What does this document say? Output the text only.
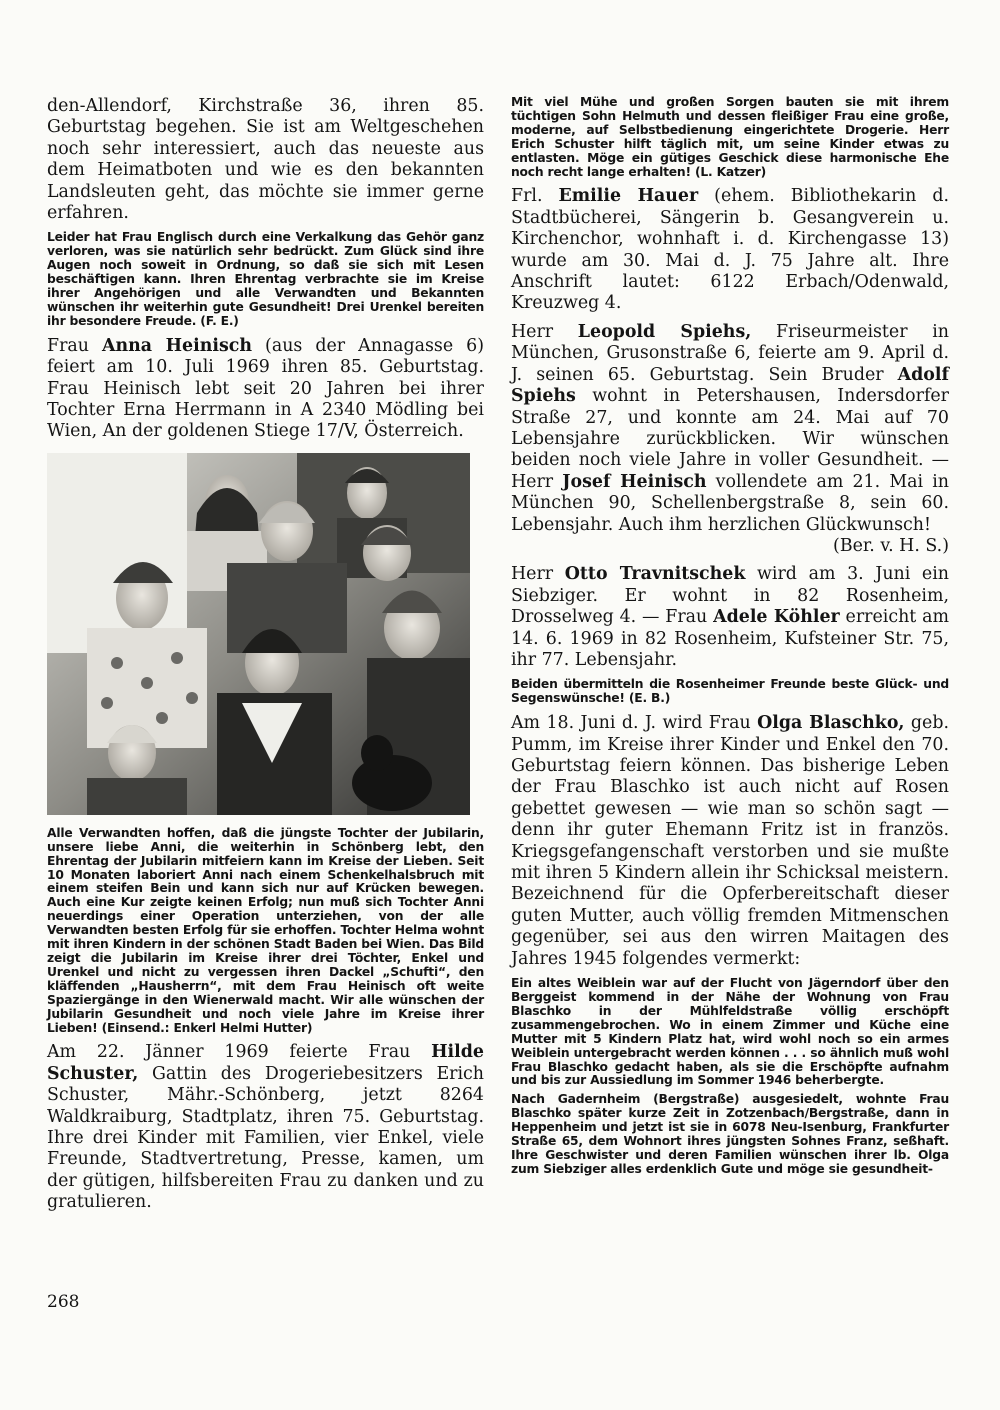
den-Allendorf, Kirchstraße 36, ihren 85. Geburtstag begehen. Sie ist am Weltgeschehen noch sehr interessiert, auch das neueste aus dem Heimatboten und wie es den bekannten Landsleuten geht, das möchte sie immer gerne erfahren.

Leider hat Frau Englisch durch eine Verkalkung das Gehör ganz verloren, was sie natürlich sehr bedrückt. Zum Glück sind ihre Augen noch soweit in Ordnung, so daß sie sich mit Lesen beschäftigen kann. Ihren Ehrentag verbrachte sie im Kreise ihrer Angehörigen und alle Verwandten und Bekannten wünschen ihr weiterhin gute Gesundheit! Drei Urenkel bereiten ihr besondere Freude. (F. E.)

Frau Anna Heinisch (aus der Annagasse 6) feiert am 10. Juli 1969 ihren 85. Geburtstag. Frau Heinisch lebt seit 20 Jahren bei ihrer Tochter Erna Herrmann in A 2340 Mödling bei Wien, An der goldenen Stiege 17/V, Österreich.

Alle Verwandten hoffen, daß die jüngste Tochter der Jubilarin, unsere liebe Anni, die weiterhin in Schönberg lebt, den Ehrentag der Jubilarin mitfeiern kann im Kreise der Lieben. Seit 10 Monaten laboriert Anni nach einem Schenkelhalsbruch mit einem steifen Bein und kann sich nur auf Krücken bewegen. Auch eine Kur zeigte keinen Erfolg; nun muß sich Tochter Anni neuerdings einer Operation unterziehen, von der alle Verwandten besten Erfolg für sie erhoffen. Tochter Helma wohnt mit ihren Kindern in der schönen Stadt Baden bei Wien. Das Bild zeigt die Jubilarin im Kreise ihrer drei Töchter, Enkel und Urenkel und nicht zu vergessen ihren Dackel „Schufti“, den kläffenden „Hausherrn“, mit dem Frau Heinisch oft weite Spaziergänge in den Wienerwald macht. Wir alle wünschen der Jubilarin Gesundheit und noch viele Jahre im Kreise ihrer Lieben! (Einsend.: Enkerl Helmi Hutter)

Am 22. Jänner 1969 feierte Frau Hilde Schuster, Gattin des Drogeriebesitzers Erich Schuster, Mähr.-Schönberg, jetzt 8264 Waldkraiburg, Stadtplatz, ihren 75. Geburtstag. Ihre drei Kinder mit Familien, vier Enkel, viele Freunde, Stadtvertretung, Presse, kamen, um der gütigen, hilfsbereiten Frau zu danken und zu gratulieren.

Mit viel Mühe und großen Sorgen bauten sie mit ihrem tüchtigen Sohn Helmuth und dessen fleißiger Frau eine große, moderne, auf Selbstbedienung eingerichtete Drogerie. Herr Erich Schuster hilft täglich mit, um seine Kinder etwas zu entlasten. Möge ein gütiges Geschick diese harmonische Ehe noch recht lange erhalten! (L. Katzer)

Frl. Emilie Hauer (ehem. Bibliothekarin d. Stadtbücherei, Sängerin b. Gesangverein u. Kirchenchor, wohnhaft i. d. Kirchengasse 13) wurde am 30. Mai d. J. 75 Jahre alt. Ihre Anschrift lautet: 6122 Erbach/Odenwald, Kreuzweg 4.

Herr Leopold Spiehs, Friseurmeister in München, Grusonstraße 6, feierte am 9. April d. J. seinen 65. Geburtstag. Sein Bruder Adolf Spiehs wohnt in Petershausen, Indersdorfer Straße 27, und konnte am 24. Mai auf 70 Lebensjahre zurückblicken. Wir wünschen beiden noch viele Jahre in voller Gesundheit. — Herr Josef Heinisch vollendete am 21. Mai in München 90, Schellenbergstraße 8, sein 60. Lebensjahr. Auch ihm herzlichen Glückwunsch!

(Ber. v. H. S.)

Herr Otto Travnitschek wird am 3. Juni ein Siebziger. Er wohnt in 82 Rosenheim, Drosselweg 4. — Frau Adele Köhler erreicht am 14. 6. 1969 in 82 Rosenheim, Kufsteiner Str. 75, ihr 77. Lebensjahr.

Beiden übermitteln die Rosenheimer Freunde beste Glück- und Segenswünsche! (E. B.)

Am 18. Juni d. J. wird Frau Olga Blaschko, geb. Pumm, im Kreise ihrer Kinder und Enkel den 70. Geburtstag feiern können. Das bisherige Leben der Frau Blaschko ist auch nicht auf Rosen gebettet gewesen — wie man so schön sagt — denn ihr guter Ehemann Fritz ist in französ. Kriegsgefangenschaft verstorben und sie mußte mit ihren 5 Kindern allein ihr Schicksal meistern. Bezeichnend für die Opferbereitschaft dieser guten Mutter, auch völlig fremden Mitmenschen gegenüber, sei aus den wirren Maitagen des Jahres 1945 folgendes vermerkt:

Ein altes Weiblein war auf der Flucht von Jägerndorf über den Berggeist kommend in der Nähe der Wohnung von Frau Blaschko in der Mühlfeldstraße völlig erschöpft zusammengebrochen. Wo in einem Zimmer und Küche eine Mutter mit 5 Kindern Platz hat, wird wohl noch so ein armes Weiblein untergebracht werden können . . . so ähnlich muß wohl Frau Blaschko gedacht haben, als sie die Erschöpfte aufnahm und bis zur Aussiedlung im Sommer 1946 beherbergte.

Nach Gadernheim (Bergstraße) ausgesiedelt, wohnte Frau Blaschko später kurze Zeit in Zotzenbach/Bergstraße, dann in Heppenheim und jetzt ist sie in 6078 Neu-Isenburg, Frankfurter Straße 65, dem Wohnort ihres jüngsten Sohnes Franz, seßhaft. Ihre Geschwister und deren Familien wünschen ihrer lb. Olga zum Siebziger alles erdenklich Gute und möge sie gesundheit-

268
